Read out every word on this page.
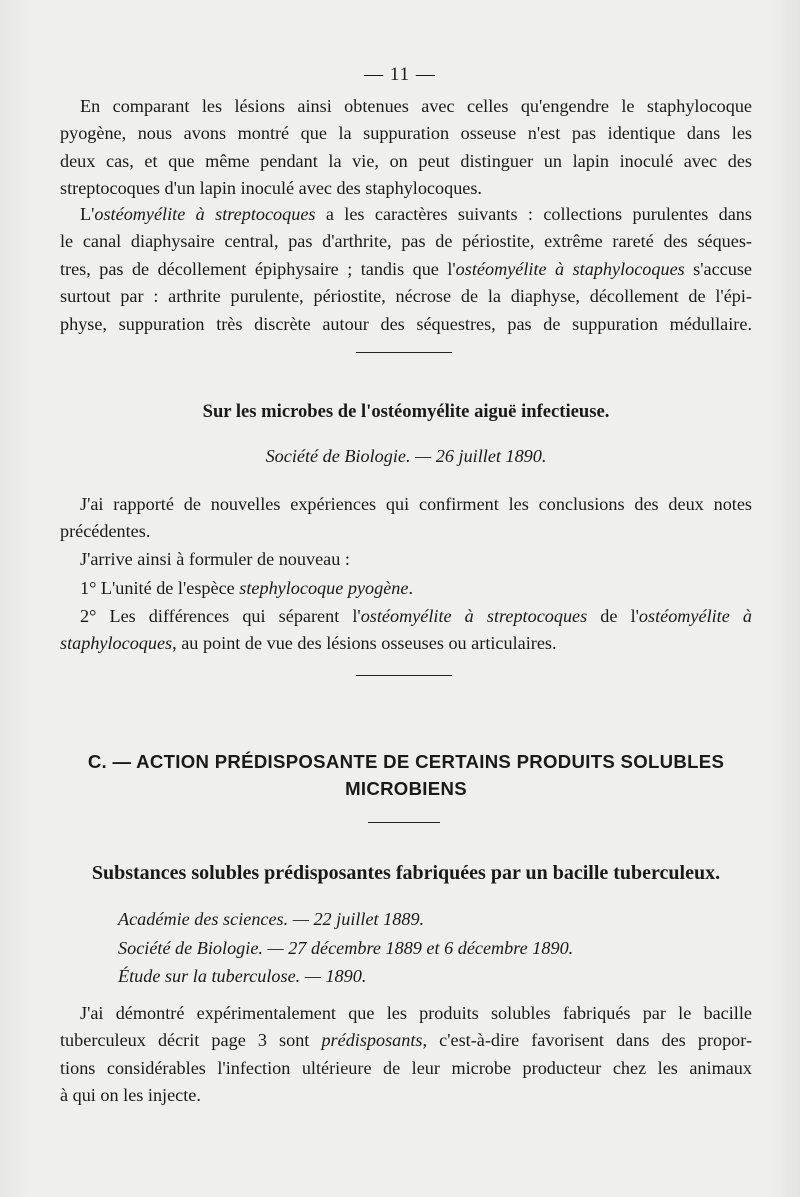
— 11 —
En comparant les lésions ainsi obtenues avec celles qu'engendre le staphylocoque
pyogène, nous avons montré que la suppuration osseuse n'est pas identique dans les
deux cas, et que même pendant la vie, on peut distinguer un lapin inoculé avec des
streptocoques d'un lapin inoculé avec des staphylocoques.
L'ostéomyélite à streptocoques a les caractères suivants : collections purulentes dans
le canal diaphysaire central, pas d'arthrite, pas de périostite, extrême rareté des séques-
tres, pas de décollement épiphysaire ; tandis que l'ostéomyélite à staphylocoques s'accuse
surtout par : arthrite purulente, périostite, nécrose de la diaphyse, décollement de l'épi-
physe, suppuration très discrète autour des séquestres, pas de suppuration médullaire.
Sur les microbes de l'ostéomyélite aiguë infectieuse.
Société de Biologie. — 26 juillet 1890.
J'ai rapporté de nouvelles expériences qui confirment les conclusions des deux notes
précédentes.
J'arrive ainsi à formuler de nouveau :
1° L'unité de l'espèce stephylocoque pyogène.
2° Les différences qui séparent l'ostéomyélite à streptocoques de l'ostéomyélite à
staphylocoques, au point de vue des lésions osseuses ou articulaires.
C. — ACTION PRÉDISPOSANTE DE CERTAINS PRODUITS SOLUBLES
MICROBIENS
Substances solubles prédisposantes fabriquées par un bacille tuberculeux.
Académie des sciences. — 22 juillet 1889.
Société de Biologie. — 27 décembre 1889 et 6 décembre 1890.
Étude sur la tuberculose. — 1890.
J'ai démontré expérimentalement que les produits solubles fabriqués par le bacille
tuberculeux décrit page 3 sont prédisposants, c'est-à-dire favorisent dans des propor-
tions considérables l'infection ultérieure de leur microbe producteur chez les animaux
à qui on les injecte.
